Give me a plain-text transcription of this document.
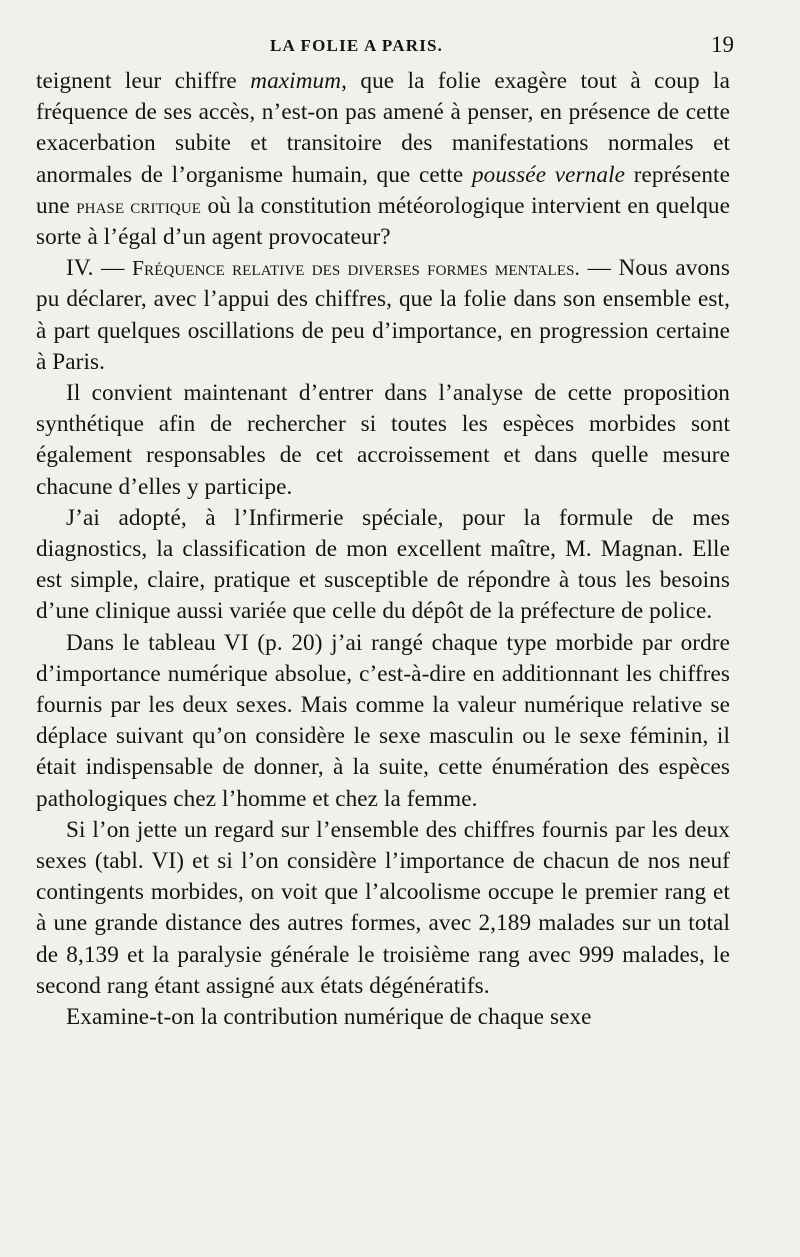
LA FOLIE A PARIS.	19

teignent leur chiffre maximum, que la folie exagère tout à coup la fréquence de ses accès, n’est-on pas amené à penser, en présence de cette exacerbation subite et transitoire des manifestations normales et anormales de l’organisme humain, que cette poussée vernale représente une phase critique où la constitution météorologique intervient en quelque sorte à l’égal d’un agent provocateur?

IV. — Fréquence relative des diverses formes mentales. — Nous avons pu déclarer, avec l’appui des chiffres, que la folie dans son ensemble est, à part quelques oscillations de peu d’importance, en progression certaine à Paris.

Il convient maintenant d’entrer dans l’analyse de cette proposition synthétique afin de rechercher si toutes les espèces morbides sont également responsables de cet accroissement et dans quelle mesure chacune d’elles y participe.

J’ai adopté, à l’Infirmerie spéciale, pour la formule de mes diagnostics, la classification de mon excellent maître, M. Magnan. Elle est simple, claire, pratique et susceptible de répondre à tous les besoins d’une clinique aussi variée que celle du dépôt de la préfecture de police.

Dans le tableau VI (p. 20) j’ai rangé chaque type morbide par ordre d’importance numérique absolue, c’est-à-dire en additionnant les chiffres fournis par les deux sexes. Mais comme la valeur numérique relative se déplace suivant qu’on considère le sexe masculin ou le sexe féminin, il était indispensable de donner, à la suite, cette énumération des espèces pathologiques chez l’homme et chez la femme.

Si l’on jette un regard sur l’ensemble des chiffres fournis par les deux sexes (tabl. VI) et si l’on considère l’importance de chacun de nos neuf contingents morbides, on voit que l’alcoolisme occupe le premier rang et à une grande distance des autres formes, avec 2,189 malades sur un total de 8,139 et la paralysie générale le troisième rang avec 999 malades, le second rang étant assigné aux états dégénératifs.

Examine-t-on la contribution numérique de chaque sexe
